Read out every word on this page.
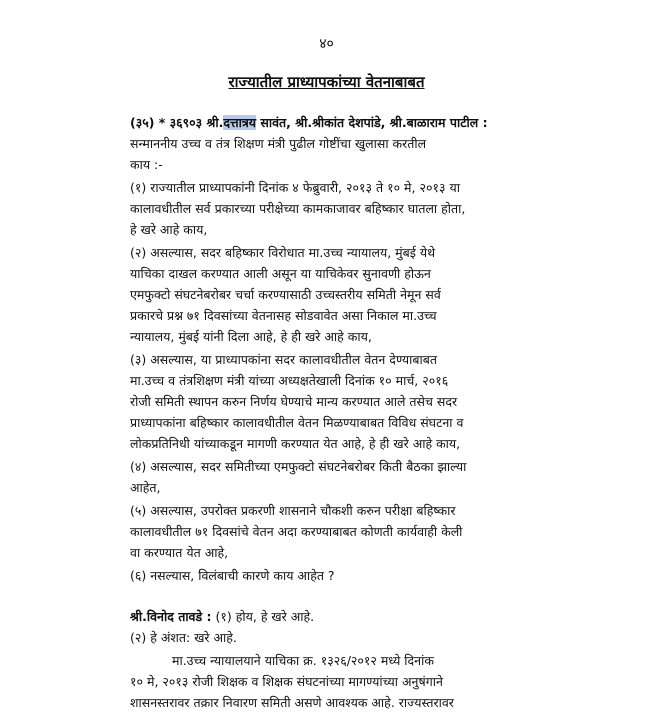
४०
राज्यातील प्राध्यापकांच्या वेतनाबाबत
(३५) * ३६९०३ श्री.दत्तात्रय सावंत, श्री.श्रीकांत देशपांडे, श्री.बाळाराम पाटील :
सन्माननीय उच्च व तंत्र शिक्षण मंत्री पुढील गोष्टींचा खुलासा करतील
काय :-
(१) राज्यातील प्राध्यापकांनी दिनांक ४ फेब्रुवारी, २०१३ ते १० मे, २०१३ या
कालावधीतील सर्व प्रकारच्या परीक्षेच्या कामकाजावर बहिष्कार घातला होता,
हे खरे आहे काय,
(२) असल्यास, सदर बहिष्कार विरोधात मा.उच्च न्यायालय, मुंबई येथे
याचिका दाखल करण्यात आली असून या याचिकेवर सुनावणी होऊन
एमफुक्टो संघटनेबरोबर चर्चा करण्यासाठी उच्चस्तरीय समिती नेमून सर्व
प्रकारचे प्रश्न ७१ दिवसांच्या वेतनासह सोडवावेत असा निकाल मा.उच्च
न्यायालय, मुंबई यांनी दिला आहे, हे ही खरे आहे काय,
(३) असल्यास, या प्राध्यापकांना सदर कालावधीतील वेतन देण्याबाबत
मा.उच्च व तंत्रशिक्षण मंत्री यांच्या अध्यक्षतेखाली दिनांक १० मार्च, २०१६
रोजी समिती स्थापन करुन निर्णय घेण्याचे मान्य करण्यात आले तसेच सदर
प्राध्यापकांना बहिष्कार कालावधीतील वेतन मिळण्याबाबत विविध संघटना व
लोकप्रतिनिधी यांच्याकडून मागणी करण्यात येत आहे, हे ही खरे आहे काय,
(४) असल्यास, सदर समितीच्या एमफुक्टो संघटनेबरोबर किती बैठका झाल्या
आहेत,
(५) असल्यास, उपरोक्त प्रकरणी शासनाने चौकशी करुन परीक्षा बहिष्कार
कालावधीतील ७१ दिवसांचे वेतन अदा करण्याबाबत कोणती कार्यवाही केली
वा करण्यात येत आहे,
(६) नसल्यास, विलंबाची कारणे काय आहेत ?
श्री.विनोद तावडे : (१) होय, हे खरे आहे.
(२) हे अंशत: खरे आहे.
मा.उच्च न्यायालयाने याचिका क्र. १३२६/२०१२ मध्ये दिनांक
१० मे, २०१३ रोजी शिक्षक व शिक्षक संघटनांच्या मागण्यांच्या अनुषंगाने
शासनस्तरावर तक्रार निवारण समिती असणे आवश्यक आहे. राज्यस्तरावर
